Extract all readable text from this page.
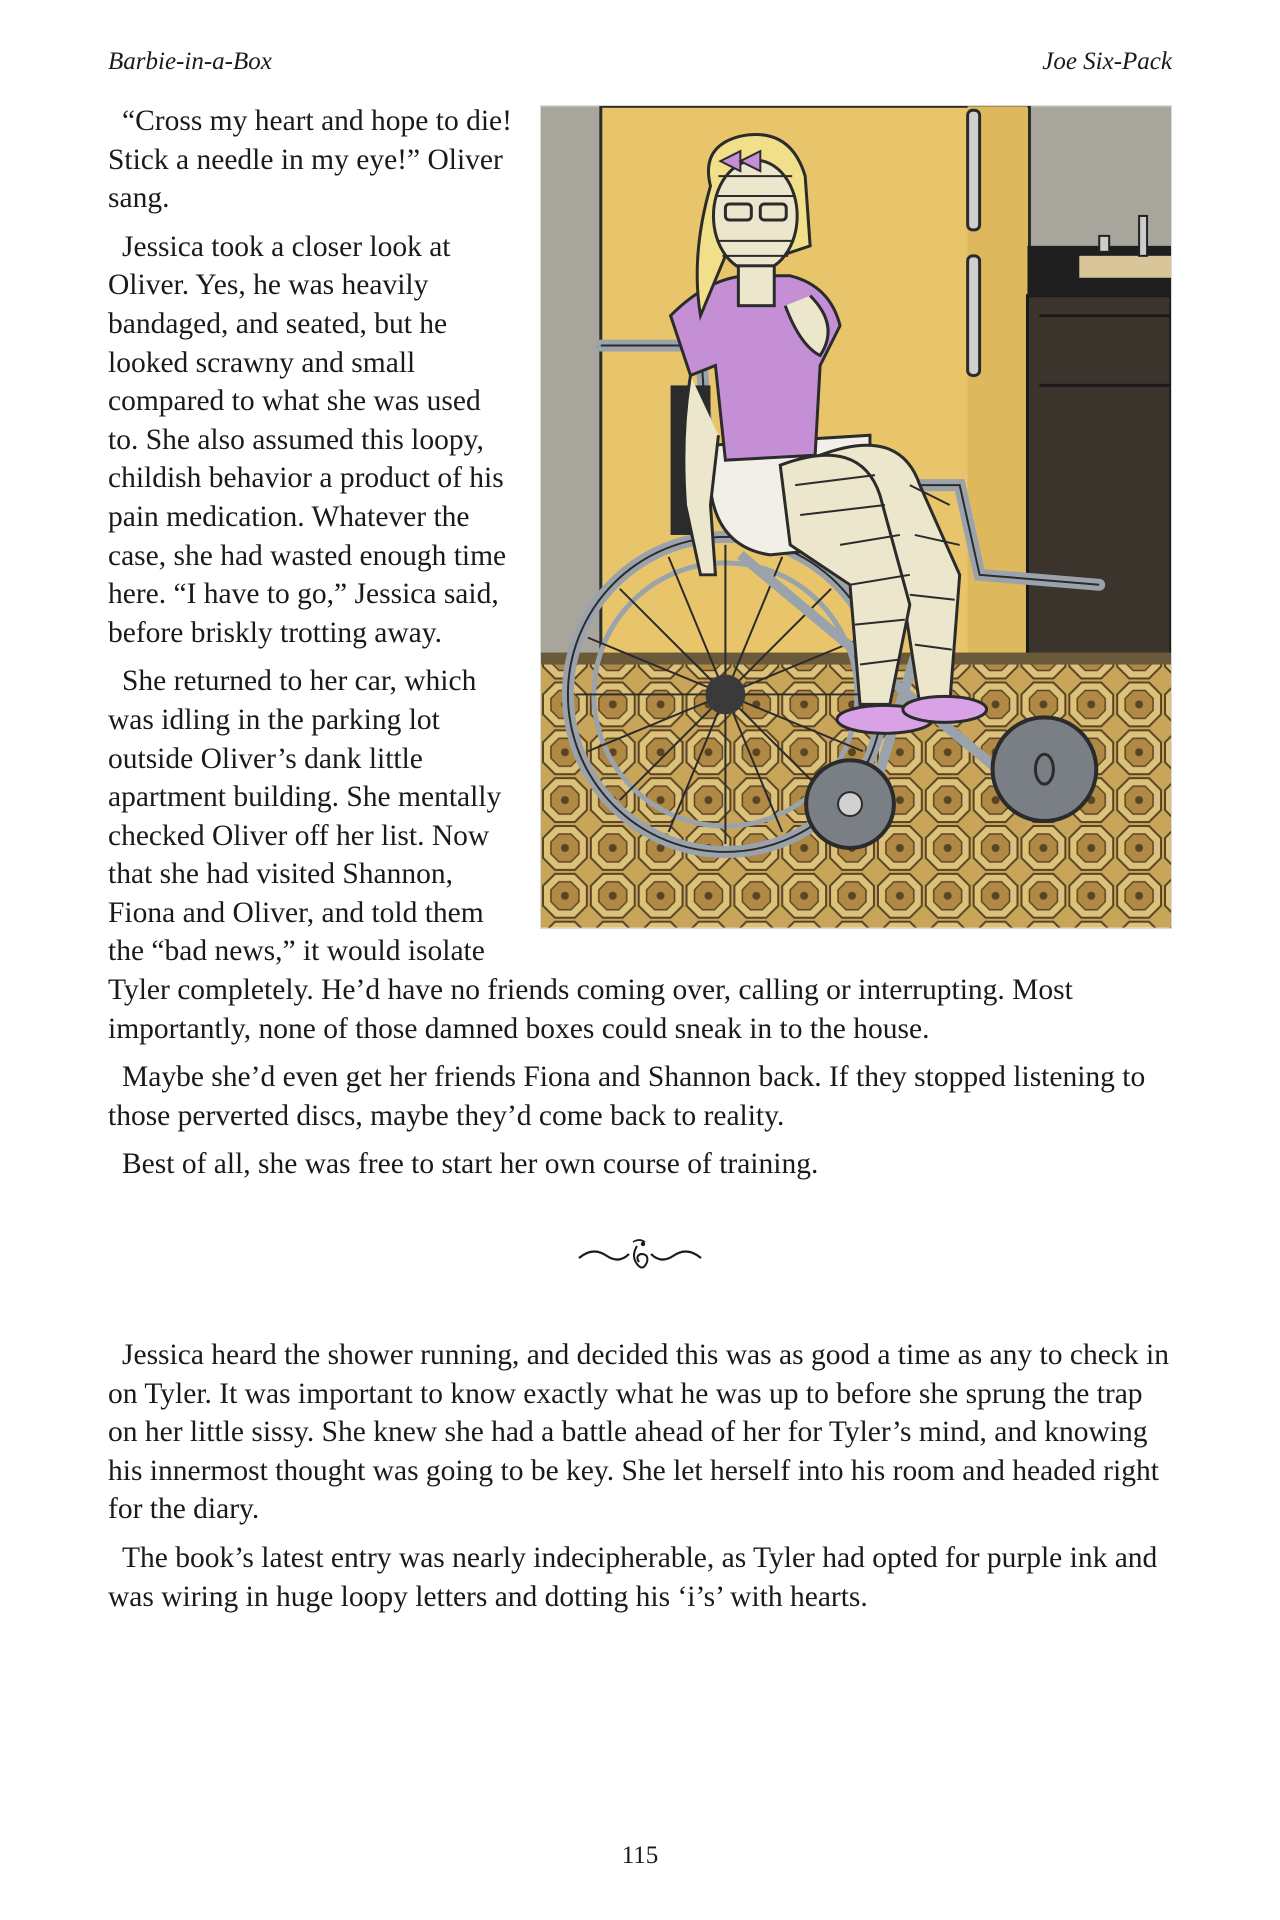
Barbie-in-a-Box	Joe Six-Pack

“Cross my heart and hope to die! Stick a needle in my eye!” Oliver sang.

Jessica took a closer look at Oliver. Yes, he was heavily bandaged, and seated, but he looked scrawny and small compared to what she was used to. She also assumed this loopy, childish behavior a product of his pain medication. Whatever the case, she had wasted enough time here. “I have to go,” Jessica said, before briskly trotting away.

She returned to her car, which was idling in the parking lot outside Oliver’s dank little apartment building. She mentally checked Oliver off her list. Now that she had visited Shannon, Fiona and Oliver, and told them the “bad news,” it would isolate Tyler completely. He’d have no friends coming over, calling or interrupting. Most importantly, none of those damned boxes could sneak in to the house.

Maybe she’d even get her friends Fiona and Shannon back. If they stopped listening to those perverted discs, maybe they’d come back to reality.

Best of all, she was free to start her own course of training.

Jessica heard the shower running, and decided this was as good a time as any to check in on Tyler. It was important to know exactly what he was up to before she sprung the trap on her little sissy. She knew she had a battle ahead of her for Tyler’s mind, and knowing his innermost thought was going to be key. She let herself into his room and headed right for the diary.

The book’s latest entry was nearly indecipherable, as Tyler had opted for purple ink and was wiring in huge loopy letters and dotting his ‘i’s’ with hearts.

115
